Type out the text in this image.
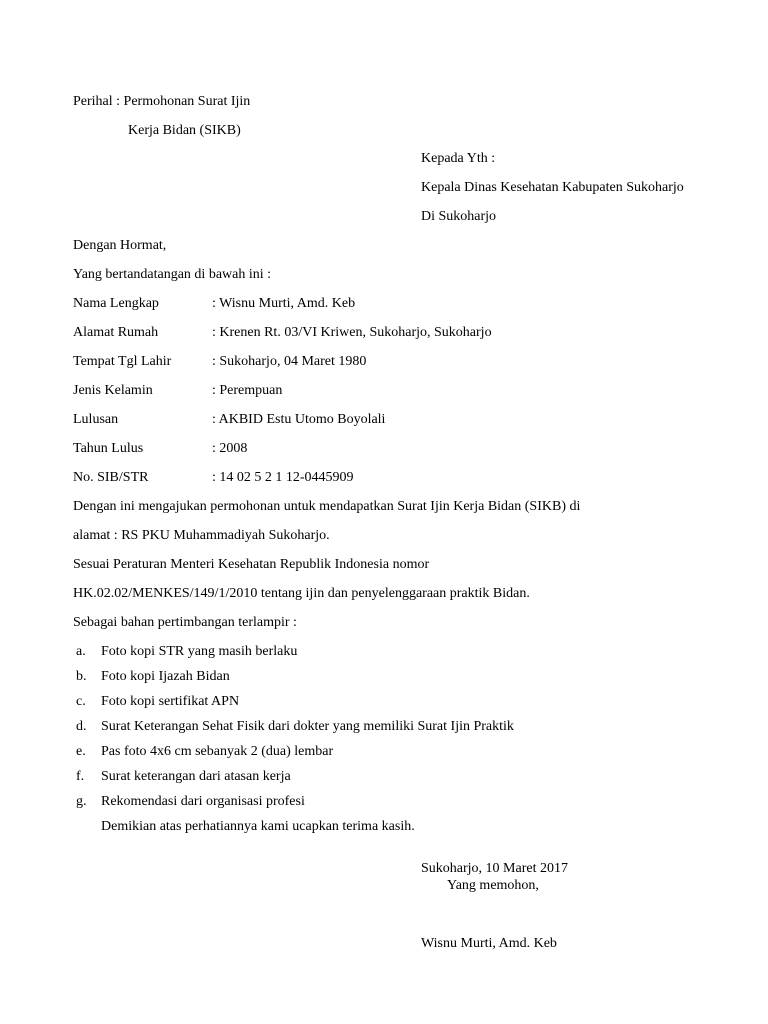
Perihal : Permohonan Surat Ijin
Kerja Bidan (SIKB)
Kepada Yth :
Kepala Dinas Kesehatan Kabupaten Sukoharjo
Di Sukoharjo
Dengan Hormat,
Yang bertandatangan di bawah ini :
Nama Lengkap	: Wisnu Murti, Amd. Keb
Alamat Rumah	: Krenen Rt. 03/VI Kriwen, Sukoharjo, Sukoharjo
Tempat Tgl Lahir	: Sukoharjo, 04 Maret 1980
Jenis Kelamin	: Perempuan
Lulusan	: AKBID Estu Utomo Boyolali
Tahun Lulus	: 2008
No. SIB/STR	: 14 02 5 2 1 12-0445909
Dengan ini mengajukan permohonan untuk mendapatkan Surat Ijin Kerja Bidan (SIKB) di
alamat : RS PKU Muhammadiyah Sukoharjo.
Sesuai Peraturan Menteri Kesehatan Republik Indonesia nomor
HK.02.02/MENKES/149/1/2010 tentang ijin dan penyelenggaraan praktik Bidan.
Sebagai bahan pertimbangan terlampir :
a. Foto kopi STR yang masih berlaku
b. Foto kopi Ijazah Bidan
c. Foto kopi sertifikat APN
d. Surat Keterangan Sehat Fisik dari dokter yang memiliki Surat Ijin Praktik
e. Pas foto 4x6 cm sebanyak 2 (dua) lembar
f. Surat keterangan dari atasan kerja
g. Rekomendasi dari organisasi profesi
Demikian atas perhatiannya kami ucapkan terima kasih.
Sukoharjo, 10 Maret 2017
Yang memohon,
Wisnu Murti, Amd. Keb
